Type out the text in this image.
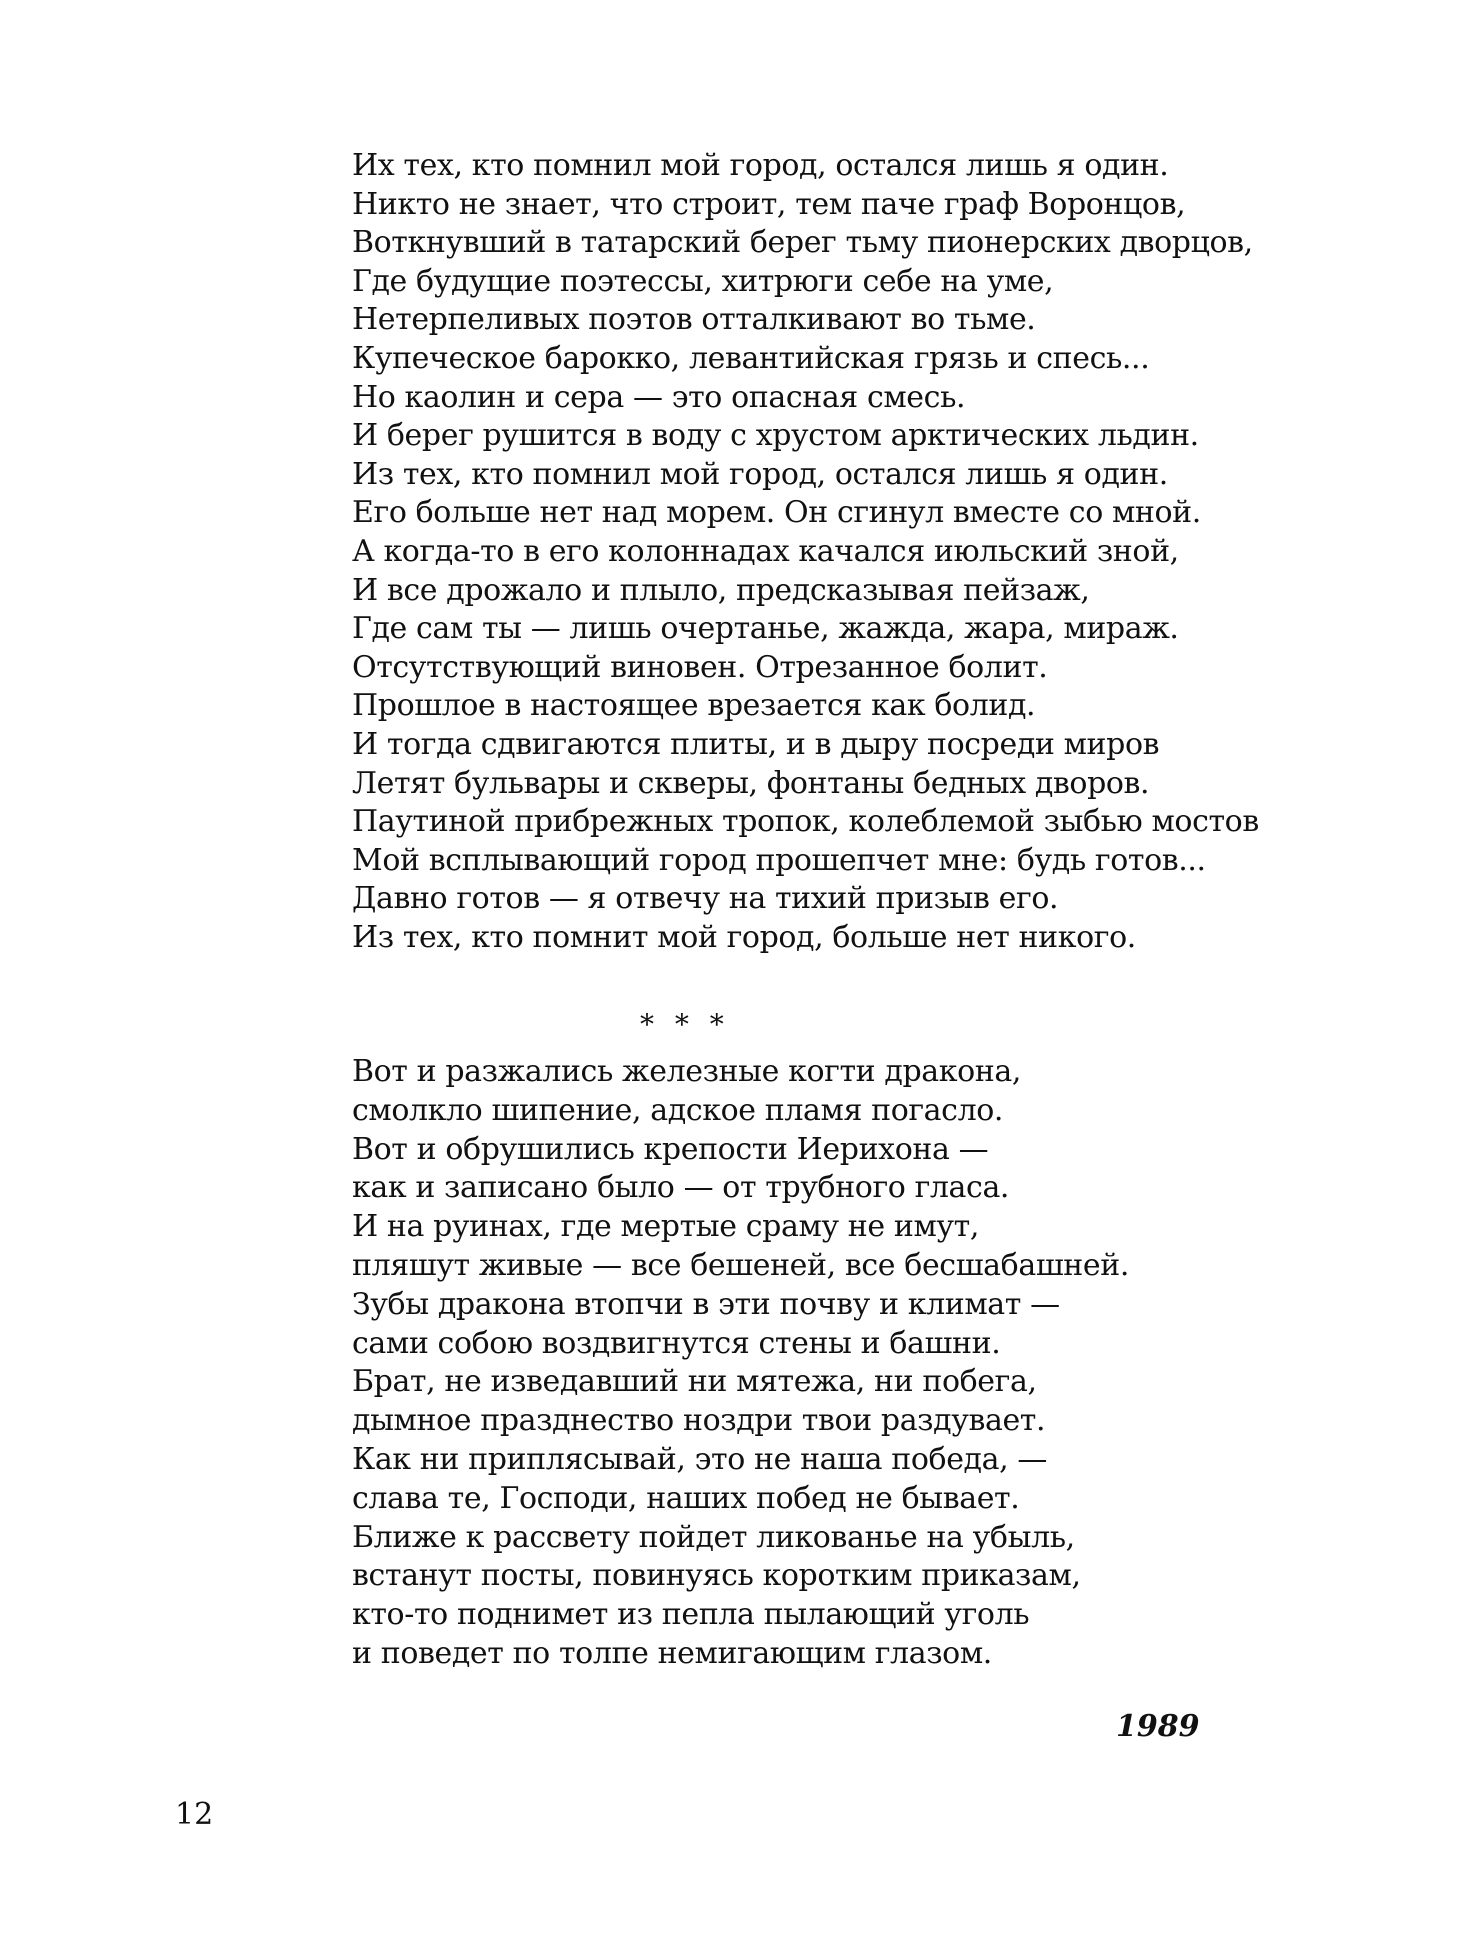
Их тех, кто помнил мой город, остался лишь я один.
Никто не знает, что строит, тем паче граф Воронцов,
Воткнувший в татарский берег тьму пионерских дворцов,
Где будущие поэтессы, хитрюги себе на уме,
Нетерпеливых поэтов отталкивают во тьме.
Купеческое барокко, левантийская грязь и спесь...
Но каолин и сера — это опасная смесь.
И берег рушится в воду с хрустом арктических льдин.
Из тех, кто помнил мой город, остался лишь я один.
Его больше нет над морем. Он сгинул вместе со мной.
А когда-то в его колоннадах качался июльский зной,
И все дрожало и плыло, предсказывая пейзаж,
Где сам ты — лишь очертанье, жажда, жара, мираж.
Отсутствующий виновен. Отрезанное болит.
Прошлое в настоящее врезается как болид.
И тогда сдвигаются плиты, и в дыру посреди миров
Летят бульвары и скверы, фонтаны бедных дворов.
Паутиной прибрежных тропок, колеблемой зыбью мостов
Мой всплывающий город прошепчет мне: будь готов...
Давно готов — я отвечу на тихий призыв его.
Из тех, кто помнит мой город, больше нет никого.
* * *
Вот и разжались железные когти дракона,
смолкло шипение, адское пламя погасло.
Вот и обрушились крепости Иерихона —
как и записано было — от трубного гласа.
И на руинах, где мертые сраму не имут,
пляшут живые — все бешеней, все бесшабашней.
Зубы дракона втопчи в эти почву и климат —
сами собою воздвигнутся стены и башни.
Брат, не изведавший ни мятежа, ни побега,
дымное празднество ноздри твои раздувает.
Как ни приплясывай, это не наша победа, —
слава те, Господи, наших побед не бывает.
Ближе к рассвету пойдет ликованье на убыль,
встанут посты, повинуясь коротким приказам,
кто-то поднимет из пепла пылающий уголь
и поведет по толпе немигающим глазом.
1989
12
